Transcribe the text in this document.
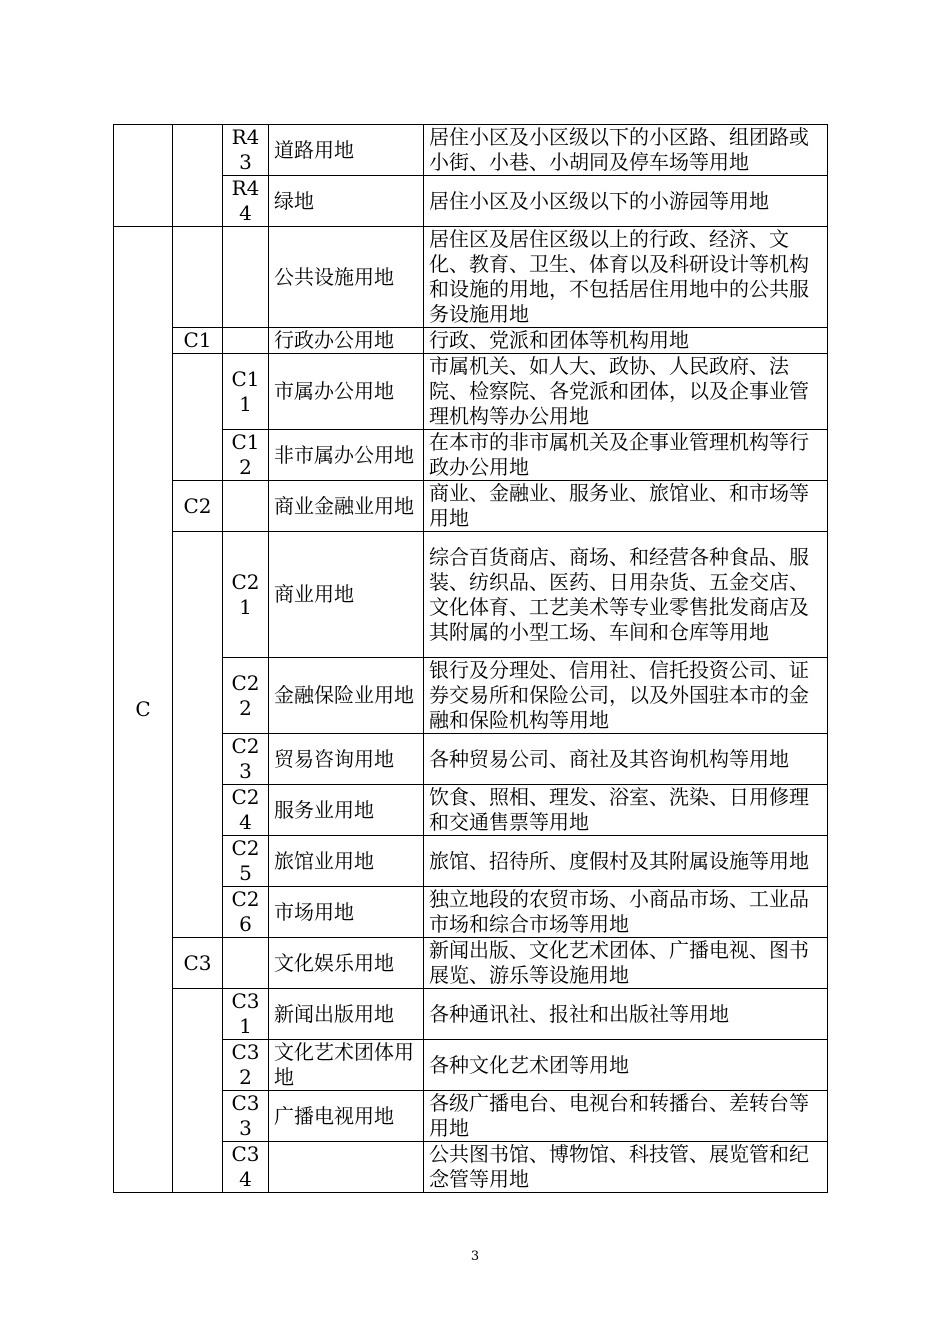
		R43	道路用地	居住小区及小区级以下的小区路、组团路或小街、小巷、小胡同及停车场等用地
		R44	绿地	居住小区及小区级以下的小游园等用地
C			公共设施用地	居住区及居住区级以上的行政、经济、文化、教育、卫生、体育以及科研设计等机构和设施的用地，不包括居住用地中的公共服务设施用地
	C1		行政办公用地	行政、党派和团体等机构用地
		C11	市属办公用地	市属机关、如人大、政协、人民政府、法院、检察院、各党派和团体，以及企事业管理机构等办公用地
		C12	非市属办公用地	在本市的非市属机关及企事业管理机构等行政办公用地
	C2		商业金融业用地	商业、金融业、服务业、旅馆业、和市场等用地
		C21	商业用地	综合百货商店、商场、和经营各种食品、服装、纺织品、医药、日用杂货、五金交店、文化体育、工艺美术等专业零售批发商店及其附属的小型工场、车间和仓库等用地
		C22	金融保险业用地	银行及分理处、信用社、信托投资公司、证券交易所和保险公司，以及外国驻本市的金融和保险机构等用地
		C23	贸易咨询用地	各种贸易公司、商社及其咨询机构等用地
		C24	服务业用地	饮食、照相、理发、浴室、洗染、日用修理和交通售票等用地
		C25	旅馆业用地	旅馆、招待所、度假村及其附属设施等用地
		C26	市场用地	独立地段的农贸市场、小商品市场、工业品市场和综合市场等用地
	C3		文化娱乐用地	新闻出版、文化艺术团体、广播电视、图书展览、游乐等设施用地
		C31	新闻出版用地	各种通讯社、报社和出版社等用地
		C32	文化艺术团体用地	各种文化艺术团等用地
		C33	广播电视用地	各级广播电台、电视台和转播台、差转台等用地
		C34		公共图书馆、博物馆、科技管、展览管和纪念管等用地
3
